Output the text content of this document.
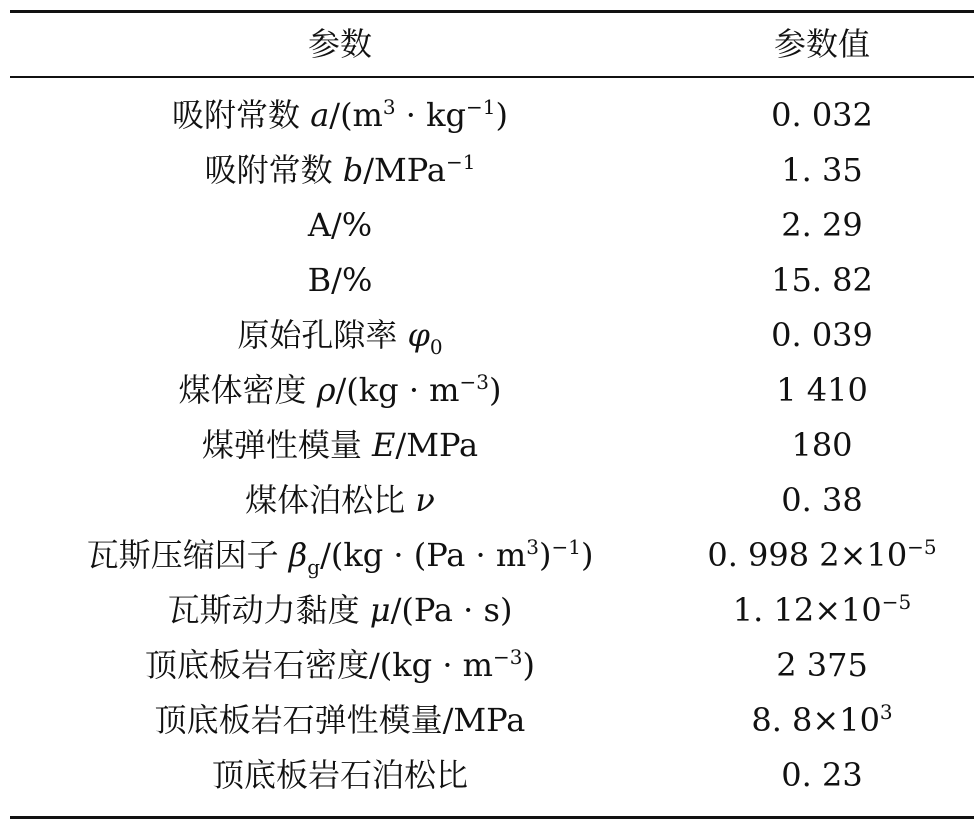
参数	参数值
吸附常数 $a/(m^3 \cdot kg^{-1})$	0. 032
吸附常数 b/MPa$^{-1}$	1. 35
A/%	2. 29
B/%	15. 82
原始孔隙率 $\varphi_0$	0. 039
煤体密度 $\rho/(kg \cdot m^{-3})$	1 410
煤弹性模量 E/MPa	180
煤体泊松比 ν	0. 38
瓦斯压缩因子 $\beta_g/(kg \cdot (Pa \cdot m^3)^{-1})$	0. 998 $2\times 10^{-5}$
瓦斯动力黏度 μ/(Pa · s)	1. $12\times 10^{-5}$
顶底板岩石密度$/(kg \cdot m^{-3})$	2 375
顶底板岩石弹性模量/MPa	8. $8\times 10^3$
顶底板岩石泊松比	0. 23
